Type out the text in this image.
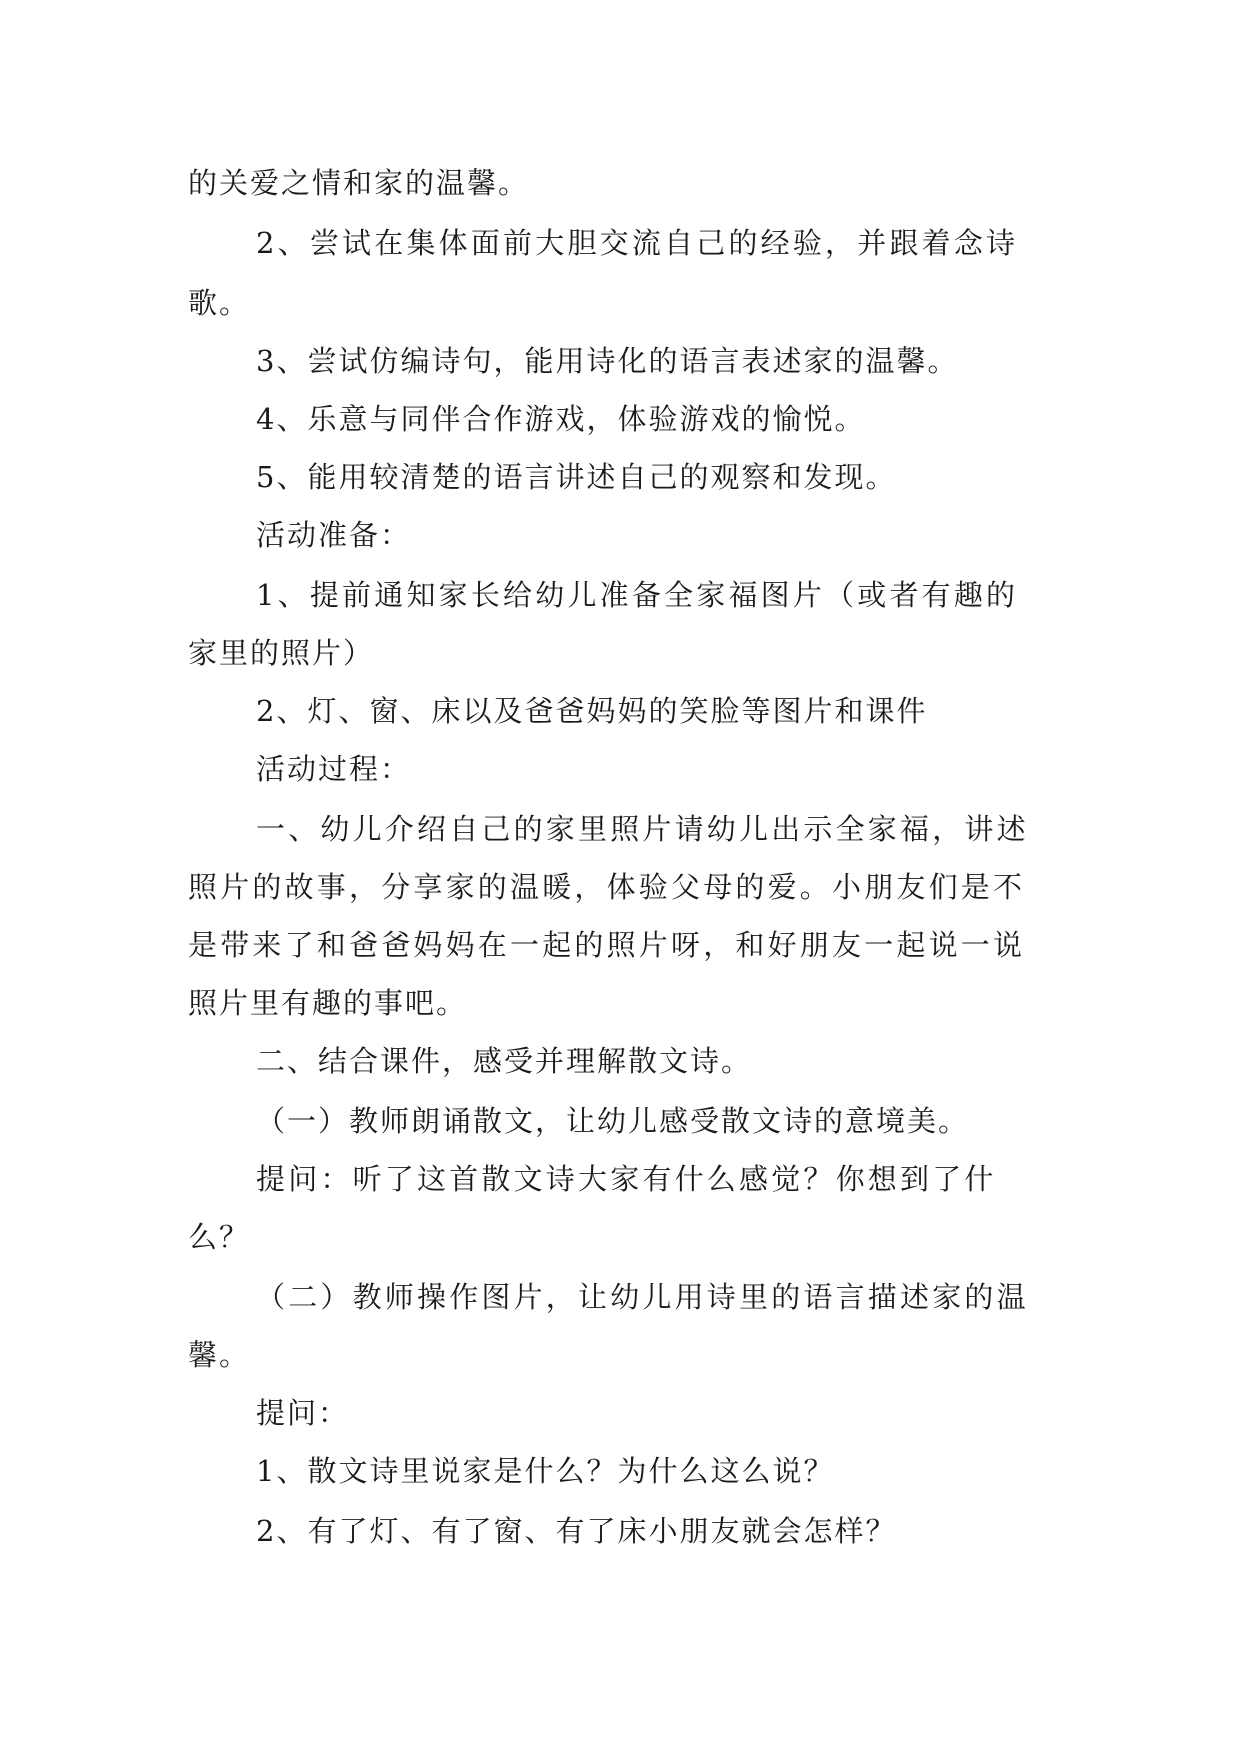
的关爱之情和家的温馨。
2、尝试在集体面前大胆交流自己的经验，并跟着念诗
歌。
3、尝试仿编诗句，能用诗化的语言表述家的温馨。
4、乐意与同伴合作游戏，体验游戏的愉悦。
5、能用较清楚的语言讲述自己的观察和发现。
活动准备：
1、提前通知家长给幼儿准备全家福图片（或者有趣的
家里的照片）
2、灯、窗、床以及爸爸妈妈的笑脸等图片和课件
活动过程：
一、幼儿介绍自己的家里照片请幼儿出示全家福，讲述
照片的故事，分享家的温暖，体验父母的爱。小朋友们是不
是带来了和爸爸妈妈在一起的照片呀，和好朋友一起说一说
照片里有趣的事吧。
二、结合课件，感受并理解散文诗。
（一）教师朗诵散文，让幼儿感受散文诗的意境美。
提问：听了这首散文诗大家有什么感觉？你想到了什
么？
（二）教师操作图片，让幼儿用诗里的语言描述家的温
馨。
提问：
1、散文诗里说家是什么？为什么这么说？
2、有了灯、有了窗、有了床小朋友就会怎样？
